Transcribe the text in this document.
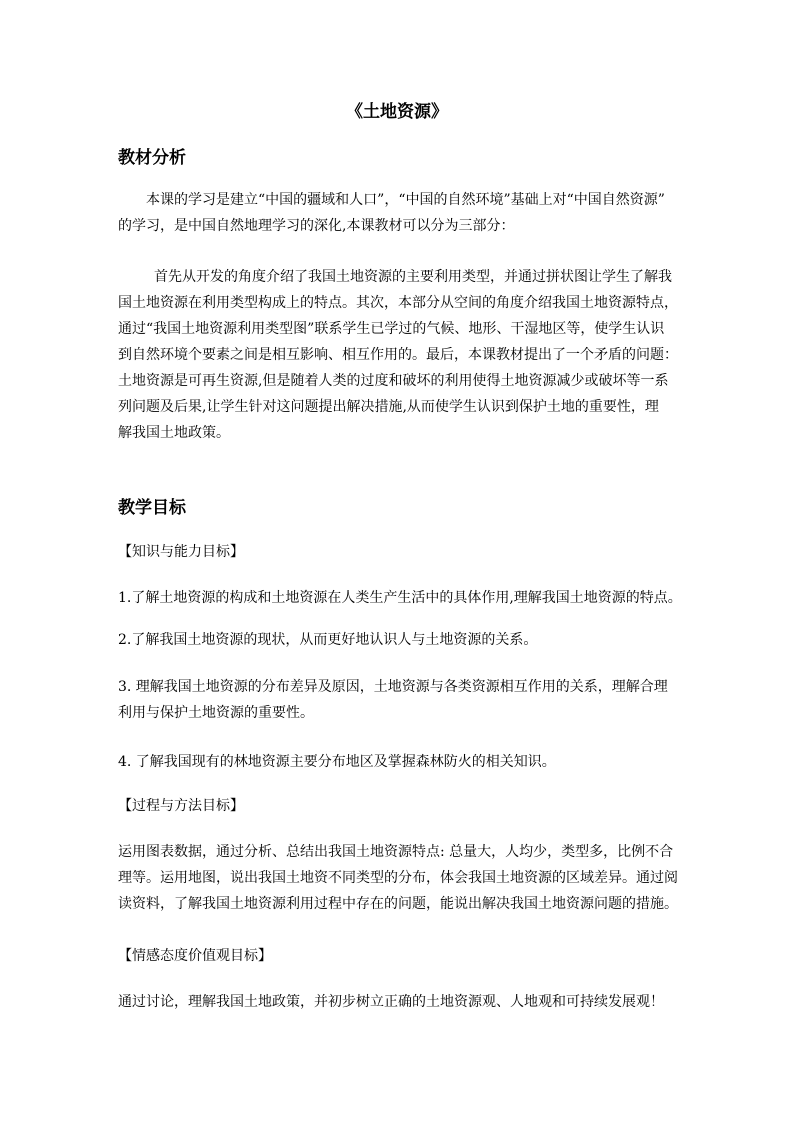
《土地资源》
教材分析
本课的学习是建立“中国的疆域和人口”，“中国的自然环境”基础上对“中国自然资源”
的学习，是中国自然地理学习的深化,本课教材可以分为三部分：
首先从开发的角度介绍了我国土地资源的主要利用类型，并通过拼状图让学生了解我
国土地资源在利用类型构成上的特点。其次，本部分从空间的角度介绍我国土地资源特点，
通过“我国土地资源利用类型图”联系学生已学过的气候、地形、干湿地区等，使学生认识
到自然环境个要素之间是相互影响、相互作用的。最后，本课教材提出了一个矛盾的问题：
土地资源是可再生资源,但是随着人类的过度和破坏的利用使得土地资源减少或破坏等一系
列问题及后果,让学生针对这问题提出解决措施,从而使学生认识到保护土地的重要性，理
解我国土地政策。
教学目标
【知识与能力目标】
1.了解土地资源的构成和土地资源在人类生产生活中的具体作用,理解我国土地资源的特点。
2.了解我国土地资源的现状，从而更好地认识人与土地资源的关系。
3. 理解我国土地资源的分布差异及原因，土地资源与各类资源相互作用的关系，理解合理
利用与保护土地资源的重要性。
4. 了解我国现有的林地资源主要分布地区及掌握森林防火的相关知识。
【过程与方法目标】
运用图表数据，通过分析、总结出我国土地资源特点: 总量大，人均少，类型多，比例不合
理等。运用地图，说出我国土地资不同类型的分布，体会我国土地资源的区域差异。通过阅
读资料，了解我国土地资源利用过程中存在的问题，能说出解决我国土地资源问题的措施。
【情感态度价值观目标】
通过讨论，理解我国土地政策，并初步树立正确的土地资源观、人地观和可持续发展观！
